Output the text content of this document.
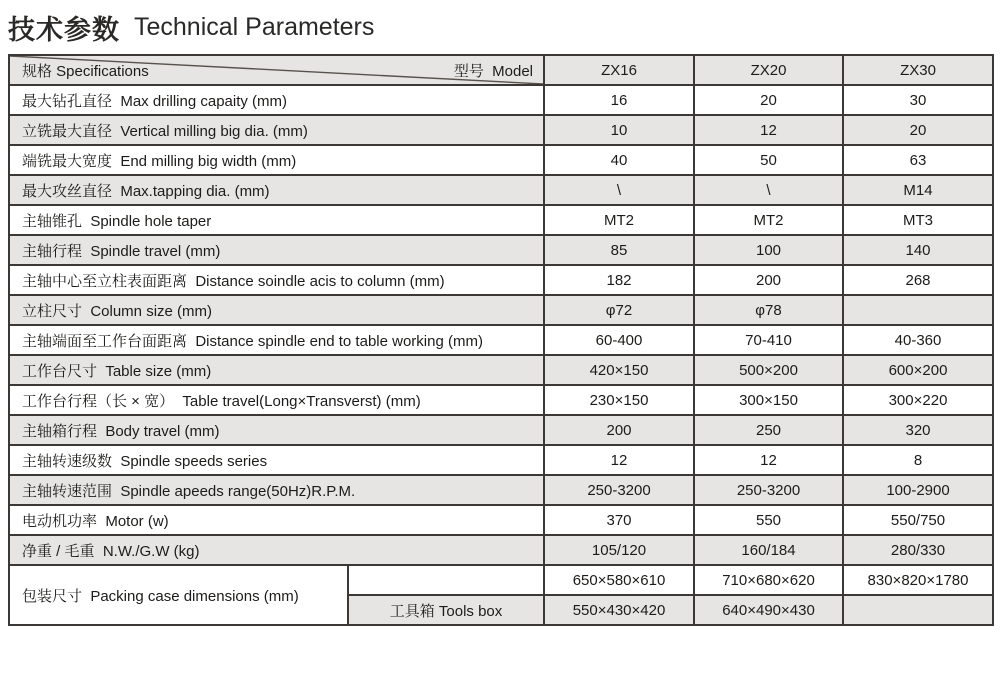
技术参数 Technical Parameters
规格 Specifications 型号  Model		ZX16	ZX20	ZX30
最大钻孔直径  Max drilling capaity (mm)		16	20	30
立铣最大直径  Vertical milling big dia. (mm)		10	12	20
端铣最大宽度  End milling big width (mm)		40	50	63
最大攻丝直径  Max.tapping dia. (mm)		\	\	M14
主轴锥孔  Spindle hole taper		MT2	MT2	MT3
主轴行程  Spindle travel (mm)		85	100	140
主轴中心至立柱表面距离  Distance soindle acis to column (mm)		182	200	268
立柱尺寸  Column size (mm)		φ72	φ78	
主轴端面至工作台面距离  Distance spindle end to table working (mm)		60-400	70-410	40-360
工作台尺寸  Table size (mm)		420×150	500×200	600×200
工作台行程（长 × 宽）  Table travel(Long×Transverst) (mm)		230×150	300×150	300×220
主轴箱行程  Body travel (mm)		200	250	320
主轴转速级数  Spindle speeds series		12	12	8
主轴转速范围  Spindle apeeds range(50Hz)R.P.M.		250-3200	250-3200	100-2900
电动机功率  Motor (w)		370	550	550/750
净重 / 毛重  N.W./G.W (kg)		105/120	160/184	280/330
包装尺寸  Packing case dimensions (mm)		650×580×610	710×680×620	830×820×1780
	工具箱 Tools box	550×430×420	640×490×430	
